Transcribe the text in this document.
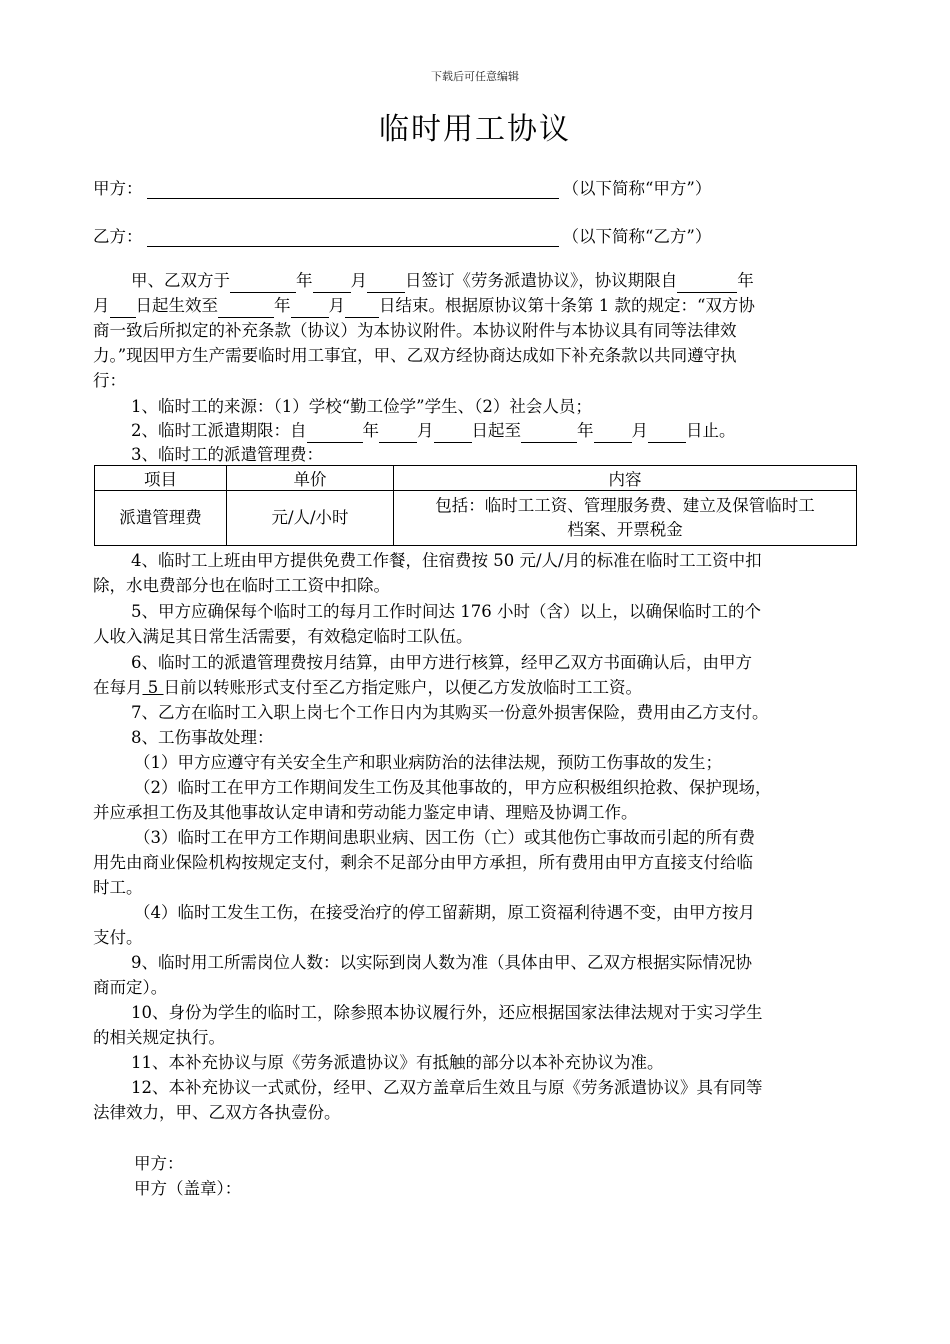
下载后可任意编辑
临时用工协议
甲方：	（以下简称“甲方”）
乙方：	（以下简称“乙方”）
甲、乙双方于	年 月 日签订《劳务派遣协议》，协议期限自	年
月 日起生效至	年 月 日结束。根据原协议第十条第 1 款的规定：“双方协
商一致后所拟定的补充条款（协议）为本协议附件。本协议附件与本协议具有同等法律效
力。”现因甲方生产需要临时用工事宜，甲、乙双方经协商达成如下补充条款以共同遵守执
行：
1、临时工的来源：（1）学校“勤工俭学”学生、（2）社会人员；
2、临时工派遣期限：自	年 月 日起至	年 月 日止。
3、临时工的派遣管理费：
项目	单价	内容
派遣管理费	元/人/小时	包括：临时工工资、管理服务费、建立及保管临时工
档案、开票税金
4、临时工上班由甲方提供免费工作餐，住宿费按 50 元/人/月的标准在临时工工资中扣
除，水电费部分也在临时工工资中扣除。
5、甲方应确保每个临时工的每月工作时间达 176 小时（含）以上，以确保临时工的个
人收入满足其日常生活需要，有效稳定临时工队伍。
6、临时工的派遣管理费按月结算，由甲方进行核算，经甲乙双方书面确认后，由甲方
在每月 5 日前以转账形式支付至乙方指定账户，以便乙方发放临时工工资。
7、乙方在临时工入职上岗七个工作日内为其购买一份意外损害保险，费用由乙方支付。
8、工伤事故处理：
（1）甲方应遵守有关安全生产和职业病防治的法律法规，预防工伤事故的发生；
（2）临时工在甲方工作期间发生工伤及其他事故的，甲方应积极组织抢救、保护现场，
并应承担工伤及其他事故认定申请和劳动能力鉴定申请、理赔及协调工作。
（3）临时工在甲方工作期间患职业病、因工伤（亡）或其他伤亡事故而引起的所有费
用先由商业保险机构按规定支付，剩余不足部分由甲方承担，所有费用由甲方直接支付给临
时工。
（4）临时工发生工伤，在接受治疗的停工留薪期，原工资福利待遇不变，由甲方按月
支付。
9、临时用工所需岗位人数：以实际到岗人数为准（具体由甲、乙双方根据实际情况协
商而定）。
10、身份为学生的临时工，除参照本协议履行外，还应根据国家法律法规对于实习学生
的相关规定执行。
11、本补充协议与原《劳务派遣协议》有抵触的部分以本补充协议为准。
12、本补充协议一式贰份，经甲、乙双方盖章后生效且与原《劳务派遣协议》具有同等
法律效力，甲、乙双方各执壹份。
甲方：
甲方（盖章）：
